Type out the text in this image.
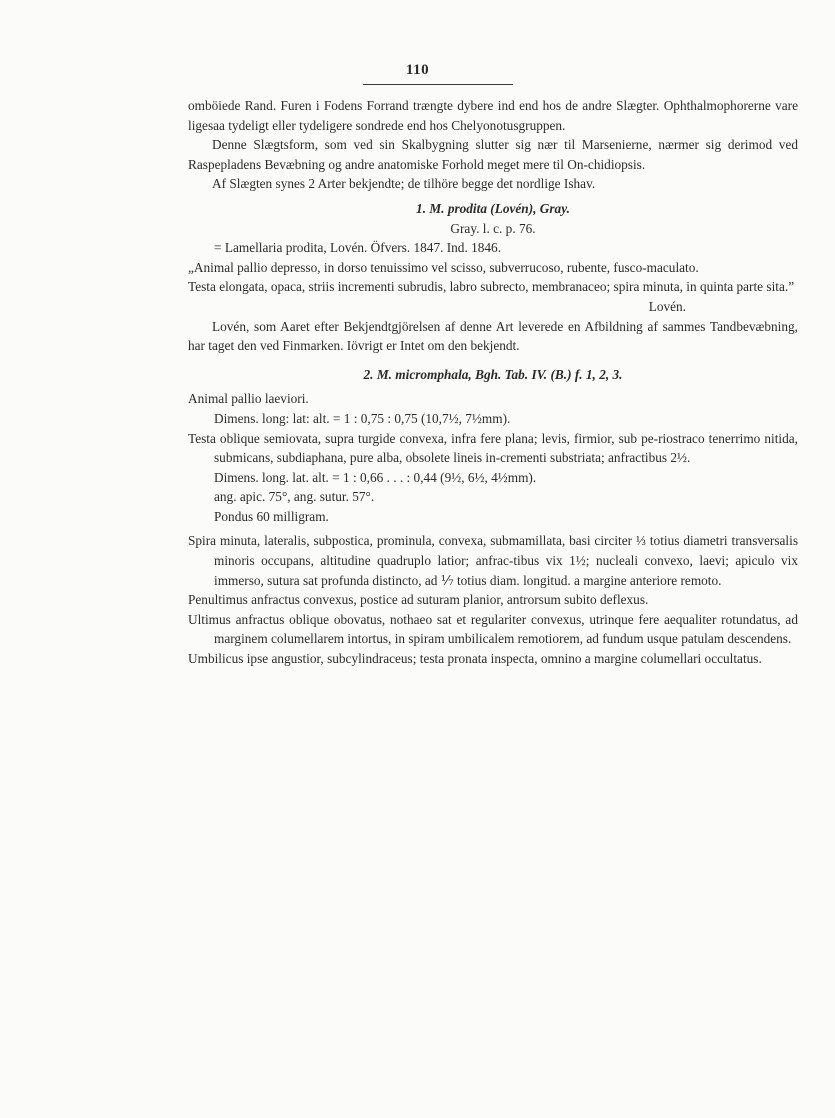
110

omböiede Rand. Furen i Fodens Forrand trængte dybere ind end hos de andre Slægter. Ophthalmophorerne vare ligesaa tydeligt eller tydeligere sondrede end hos Chelyonotusgruppen.

Denne Slægtsform, som ved sin Skalbygning slutter sig nær til Marsenierne, nærmer sig derimod ved Raspepladens Bevæbning og andre anatomiske Forhold meget mere til On-chidiopsis.

Af Slægten synes 2 Arter bekjendte; de tilhöre begge det nordlige Ishav.

1. M. prodita (Lovén), Gray.

Gray. l. c. p. 76.

= Lamellaria prodita, Lovén. Öfvers. 1847. Ind. 1846.

„Animal pallio depresso, in dorso tenuissimo vel scisso, subverrucoso, rubente, fusco-maculato.

Testa elongata, opaca, striis incrementi subrudis, labro subrecto, membranaceo; spira minuta, in quinta parte sita.”

Lovén.

Lovén, som Aaret efter Bekjendtgjörelsen af denne Art leverede en Afbildning af sammes Tandbevæbning, har taget den ved Finmarken. Iövrigt er Intet om den bekjendt.

2. M. micromphala, Bgh. Tab. IV. (B.) f. 1, 2, 3.

Animal pallio laeviori.

Dimens. long: lat: alt. = 1 : 0,75 : 0,75 (10,7½, 7½mm).

Testa oblique semiovata, supra turgide convexa, infra fere plana; levis, firmior, sub pe-riostraco tenerrimo nitida, submicans, subdiaphana, pure alba, obsolete lineis in-crementi substriata; anfractibus 2½.

Dimens. long. lat. alt. = 1 : 0,66 . . . : 0,44 (9½, 6½, 4½mm).

ang. apic. 75°, ang. sutur. 57°.

Pondus 60 milligram.

Spira minuta, lateralis, subpostica, prominula, convexa, submamillata, basi circiter ⅓ totius diametri transversalis minoris occupans, altitudine quadruplo latior; anfrac-tibus vix 1½; nucleali convexo, laevi; apiculo vix immerso, sutura sat profunda distincto, ad ⅐ totius diam. longitud. a margine anteriore remoto.

Penultimus anfractus convexus, postice ad suturam planior, antrorsum subito deflexus.

Ultimus anfractus oblique obovatus, nothaeo sat et regulariter convexus, utrinque fere aequaliter rotundatus, ad marginem columellarem intortus, in spiram umbilicalem remotiorem, ad fundum usque patulam descendens.

Umbilicus ipse angustior, subcylindraceus; testa pronata inspecta, omnino a margine columellari occultatus.
